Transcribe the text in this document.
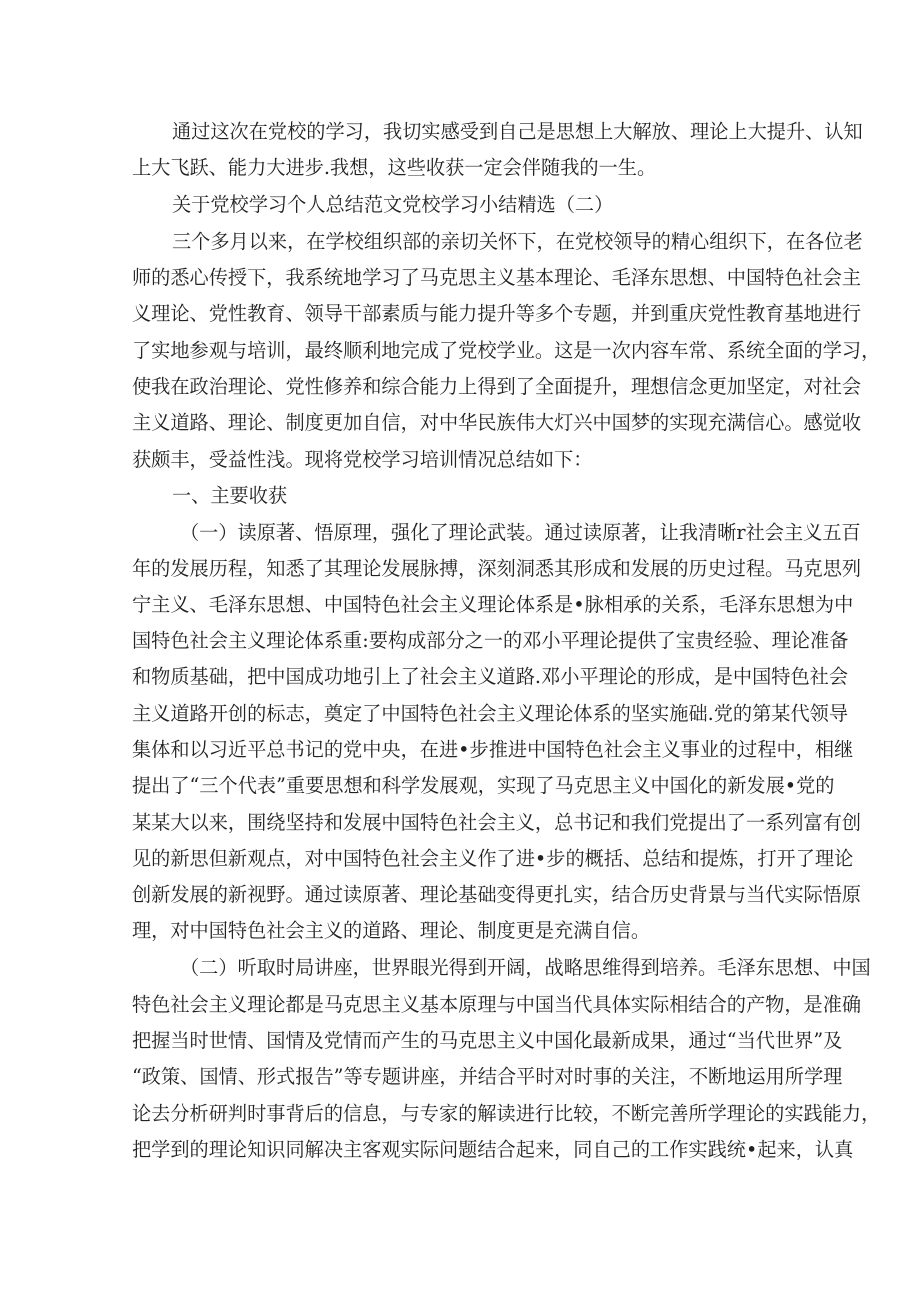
通过这次在党校的学习，我切实感受到自己是思想上大解放、理论上大提升、认知
上大飞跃、能力大进步.我想，这些收获一定会伴随我的一生。
关于党校学习个人总结范文党校学习小结精选（二）
三个多月以来，在学校组织部的亲切关怀下，在党校领导的精心组织下，在各位老
师的悉心传授下，我系统地学习了马克思主义基本理论、毛泽东思想、中国特色社会主
义理论、党性教育、领导干部素质与能力提升等多个专题，并到重庆党性教育基地进行
了实地参观与培训，最终顺利地完成了党校学业。这是一次内容车常、系统全面的学习，
使我在政治理论、党性修养和综合能力上得到了全面提升，理想信念更加坚定，对社会
主义道路、理论、制度更加自信，对中华民族伟大灯兴中国梦的实现充满信心。感觉收
获颇丰，受益性浅。现将党校学习培训情况总结如下：
一、主要收获
（一）读原著、悟原理，强化了理论武装。通过读原著，让我清晰r社会主义五百
年的发展历程，知悉了其理论发展脉搏，深刻洞悉其形成和发展的历史过程。马克思列
宁主义、毛泽东思想、中国特色社会主义理论体系是•脉相承的关系，毛泽东思想为中
国特色社会主义理论体系重:要构成部分之一的邓小平理论提供了宝贵经验、理论准备
和物质基础，把中国成功地引上了社会主义道路.邓小平理论的形成，是中国特色社会
主义道路开创的标志，奠定了中国特色社会主义理论体系的坚实施础.党的第某代领导
集体和以习近平总书记的党中央，在进•步推进中国特色社会主义事业的过程中，相继
提出了“三个代表”重要思想和科学发展观，实现了马克思主义中国化的新发展•党的
某某大以来，围绕坚持和发展中国特色社会主义，总书记和我们党提出了一系列富有创
见的新思但新观点，对中国特色社会主义作了进•步的概括、总结和提炼，打开了理论
创新发展的新视野。通过读原著、理论基础变得更扎实，结合历史背景与当代实际悟原
理，对中国特色社会主义的道路、理论、制度更是充满自信。
（二）听取时局讲座，世界眼光得到开阔，战略思维得到培养。毛泽东思想、中国
特色社会主义理论都是马克思主义基本原理与中国当代具体实际相结合的产物，是准确
把握当时世情、国情及党情而产生的马克思主义中国化最新成果，通过“当代世界”及
“政策、国情、形式报告”等专题讲座，并结合平时对时事的关注，不断地运用所学理
论去分析研判时事背后的信息，与专家的解读进行比较，不断完善所学理论的实践能力，
把学到的理论知识同解决主客观实际问题结合起来，同自己的工作实践统•起来，认真
